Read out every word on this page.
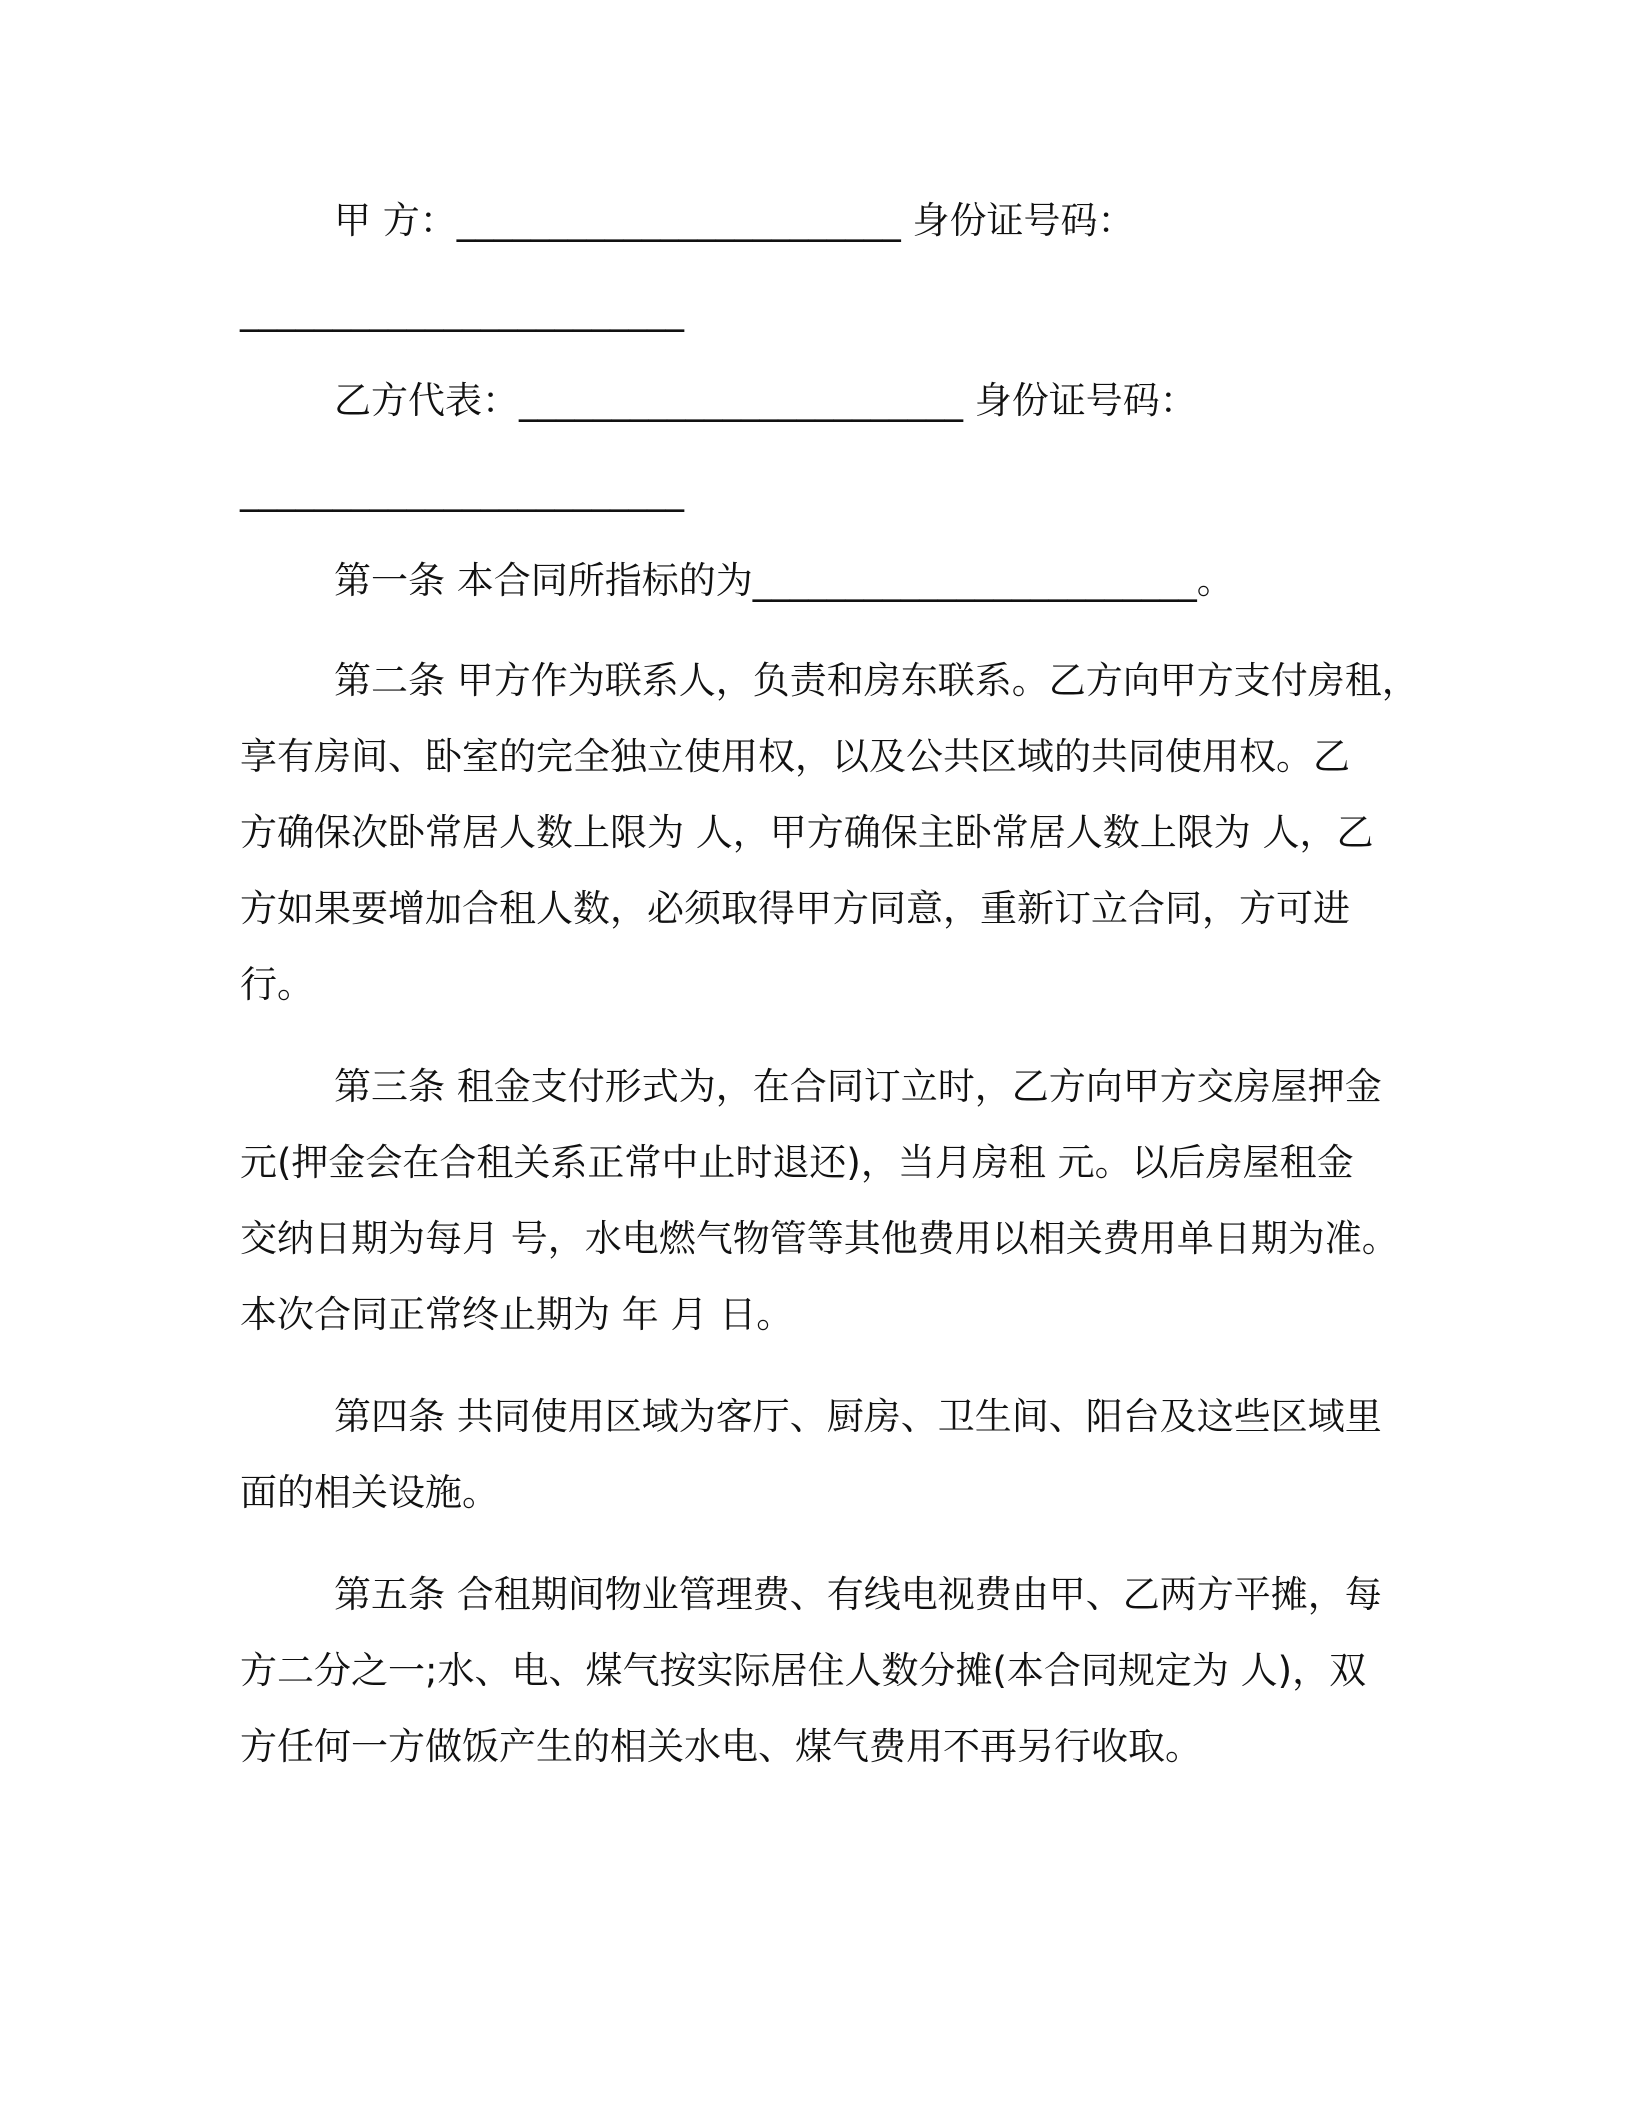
甲 方：________________________ 身份证号码：
________________________
乙方代表：________________________ 身份证号码：
________________________
第一条 本合同所指标的为________________________。
第二条 甲方作为联系人，负责和房东联系。乙方向甲方支付房租，
享有房间、卧室的完全独立使用权，以及公共区域的共同使用权。乙
方确保次卧常居人数上限为 人，甲方确保主卧常居人数上限为 人，乙
方如果要增加合租人数，必须取得甲方同意，重新订立合同，方可进
行。
第三条 租金支付形式为，在合同订立时，乙方向甲方交房屋押金
元(押金会在合租关系正常中止时退还)，当月房租 元。以后房屋租金
交纳日期为每月 号，水电燃气物管等其他费用以相关费用单日期为准。
本次合同正常终止期为 年 月 日。
第四条 共同使用区域为客厅、厨房、卫生间、阳台及这些区域里
面的相关设施。
第五条 合租期间物业管理费、有线电视费由甲、乙两方平摊，每
方二分之一;水、电、煤气按实际居住人数分摊(本合同规定为 人)，双
方任何一方做饭产生的相关水电、煤气费用不再另行收取。
